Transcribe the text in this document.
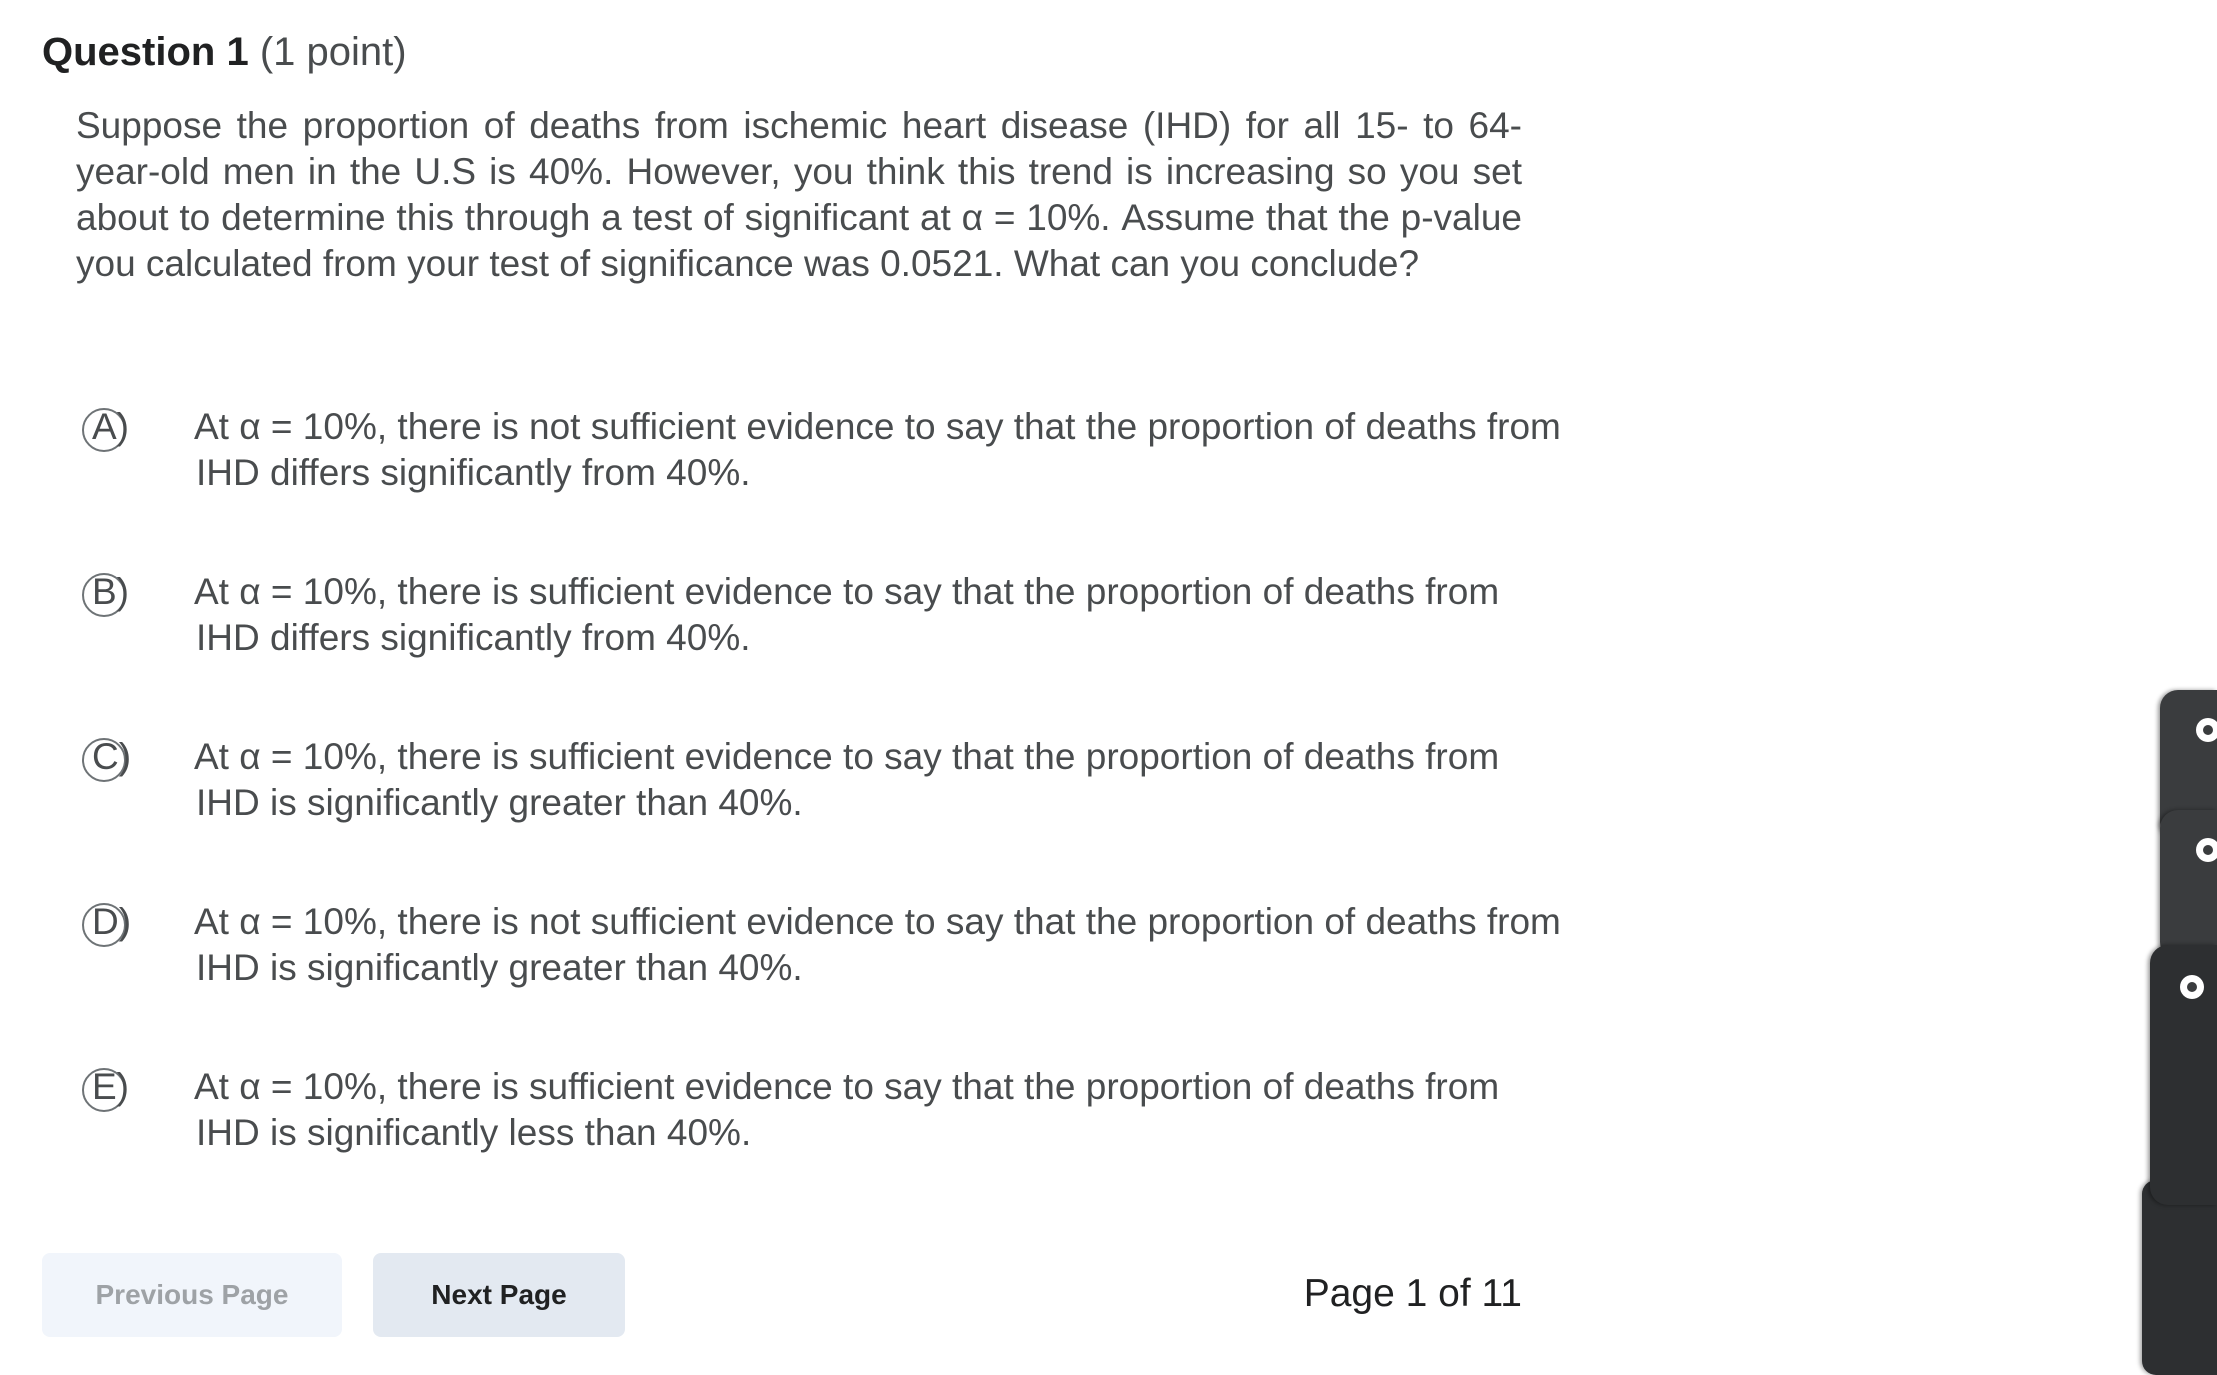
Question 1 (1 point)
Suppose the proportion of deaths from ischemic heart disease (IHD) for all 15- to 64-year-old men in the U.S is 40%. However, you think this trend is increasing so you set about to determine this through a test of significant at α = 10%. Assume that the p-value you calculated from your test of significance was 0.0521. What can you conclude?
A) At α = 10%, there is not sufficient evidence to say that the proportion of deaths from IHD differs significantly from 40%.
B) At α = 10%, there is sufficient evidence to say that the proportion of deaths from IHD differs significantly from 40%.
C) At α = 10%, there is sufficient evidence to say that the proportion of deaths from IHD is significantly greater than 40%.
D) At α = 10%, there is not sufficient evidence to say that the proportion of deaths from IHD is significantly greater than 40%.
E) At α = 10%, there is sufficient evidence to say that the proportion of deaths from IHD is significantly less than 40%.
Previous Page	Next Page	Page 1 of 11
